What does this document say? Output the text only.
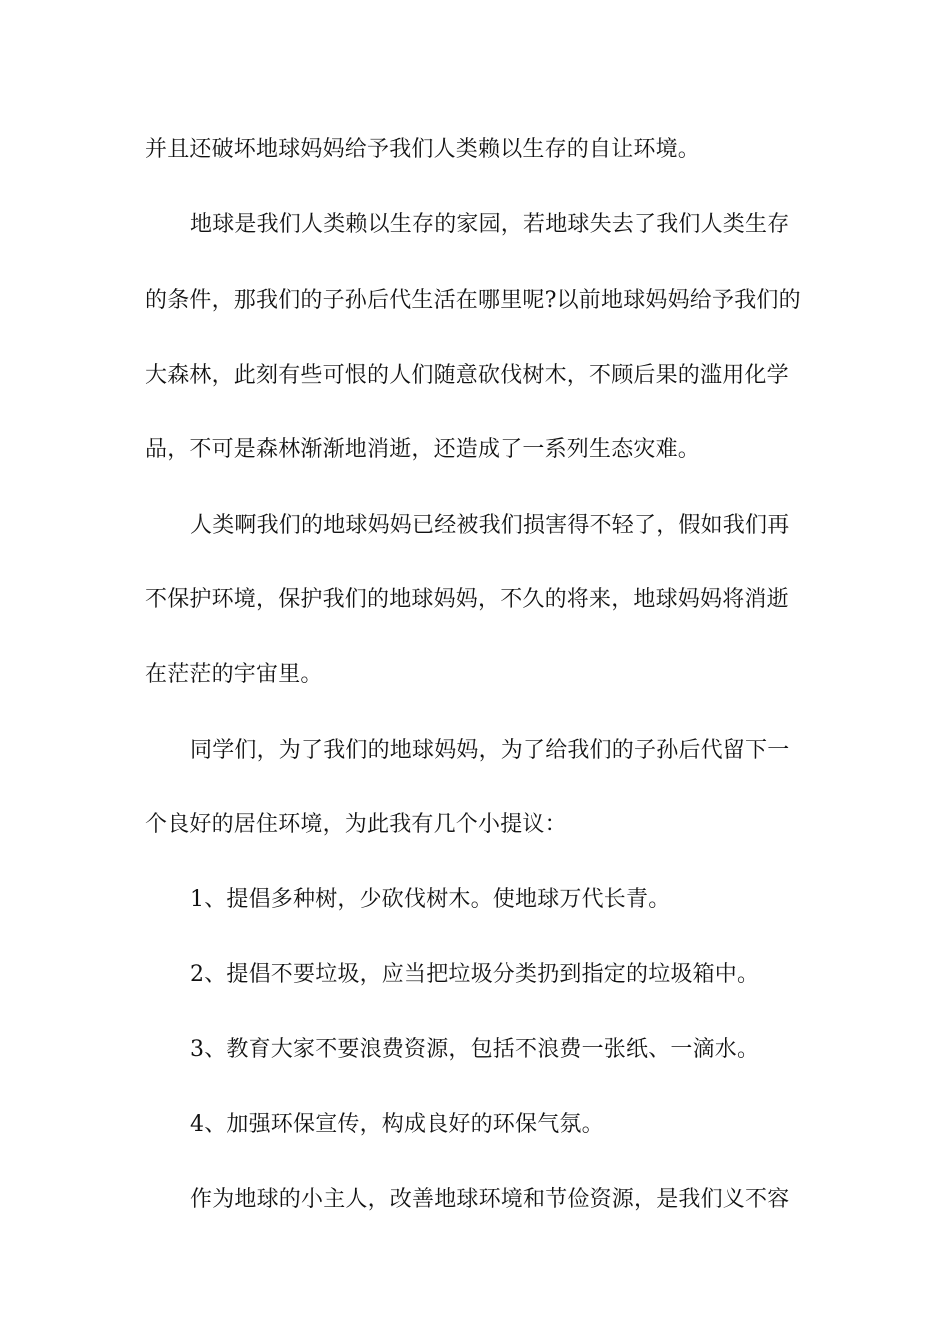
并且还破坏地球妈妈给予我们人类赖以生存的自让环境。
地球是我们人类赖以生存的家园，若地球失去了我们人类生存
的条件，那我们的子孙后代生活在哪里呢?以前地球妈妈给予我们的
大森林，此刻有些可恨的人们随意砍伐树木，不顾后果的滥用化学
品，不可是森林渐渐地消逝，还造成了一系列生态灾难。
人类啊我们的地球妈妈已经被我们损害得不轻了，假如我们再
不保护环境，保护我们的地球妈妈，不久的将来，地球妈妈将消逝
在茫茫的宇宙里。
同学们，为了我们的地球妈妈，为了给我们的子孙后代留下一
个良好的居住环境，为此我有几个小提议：
1、提倡多种树，少砍伐树木。使地球万代长青。
2、提倡不要垃圾，应当把垃圾分类扔到指定的垃圾箱中。
3、教育大家不要浪费资源，包括不浪费一张纸、一滴水。
4、加强环保宣传，构成良好的环保气氛。
作为地球的小主人，改善地球环境和节俭资源，是我们义不容
